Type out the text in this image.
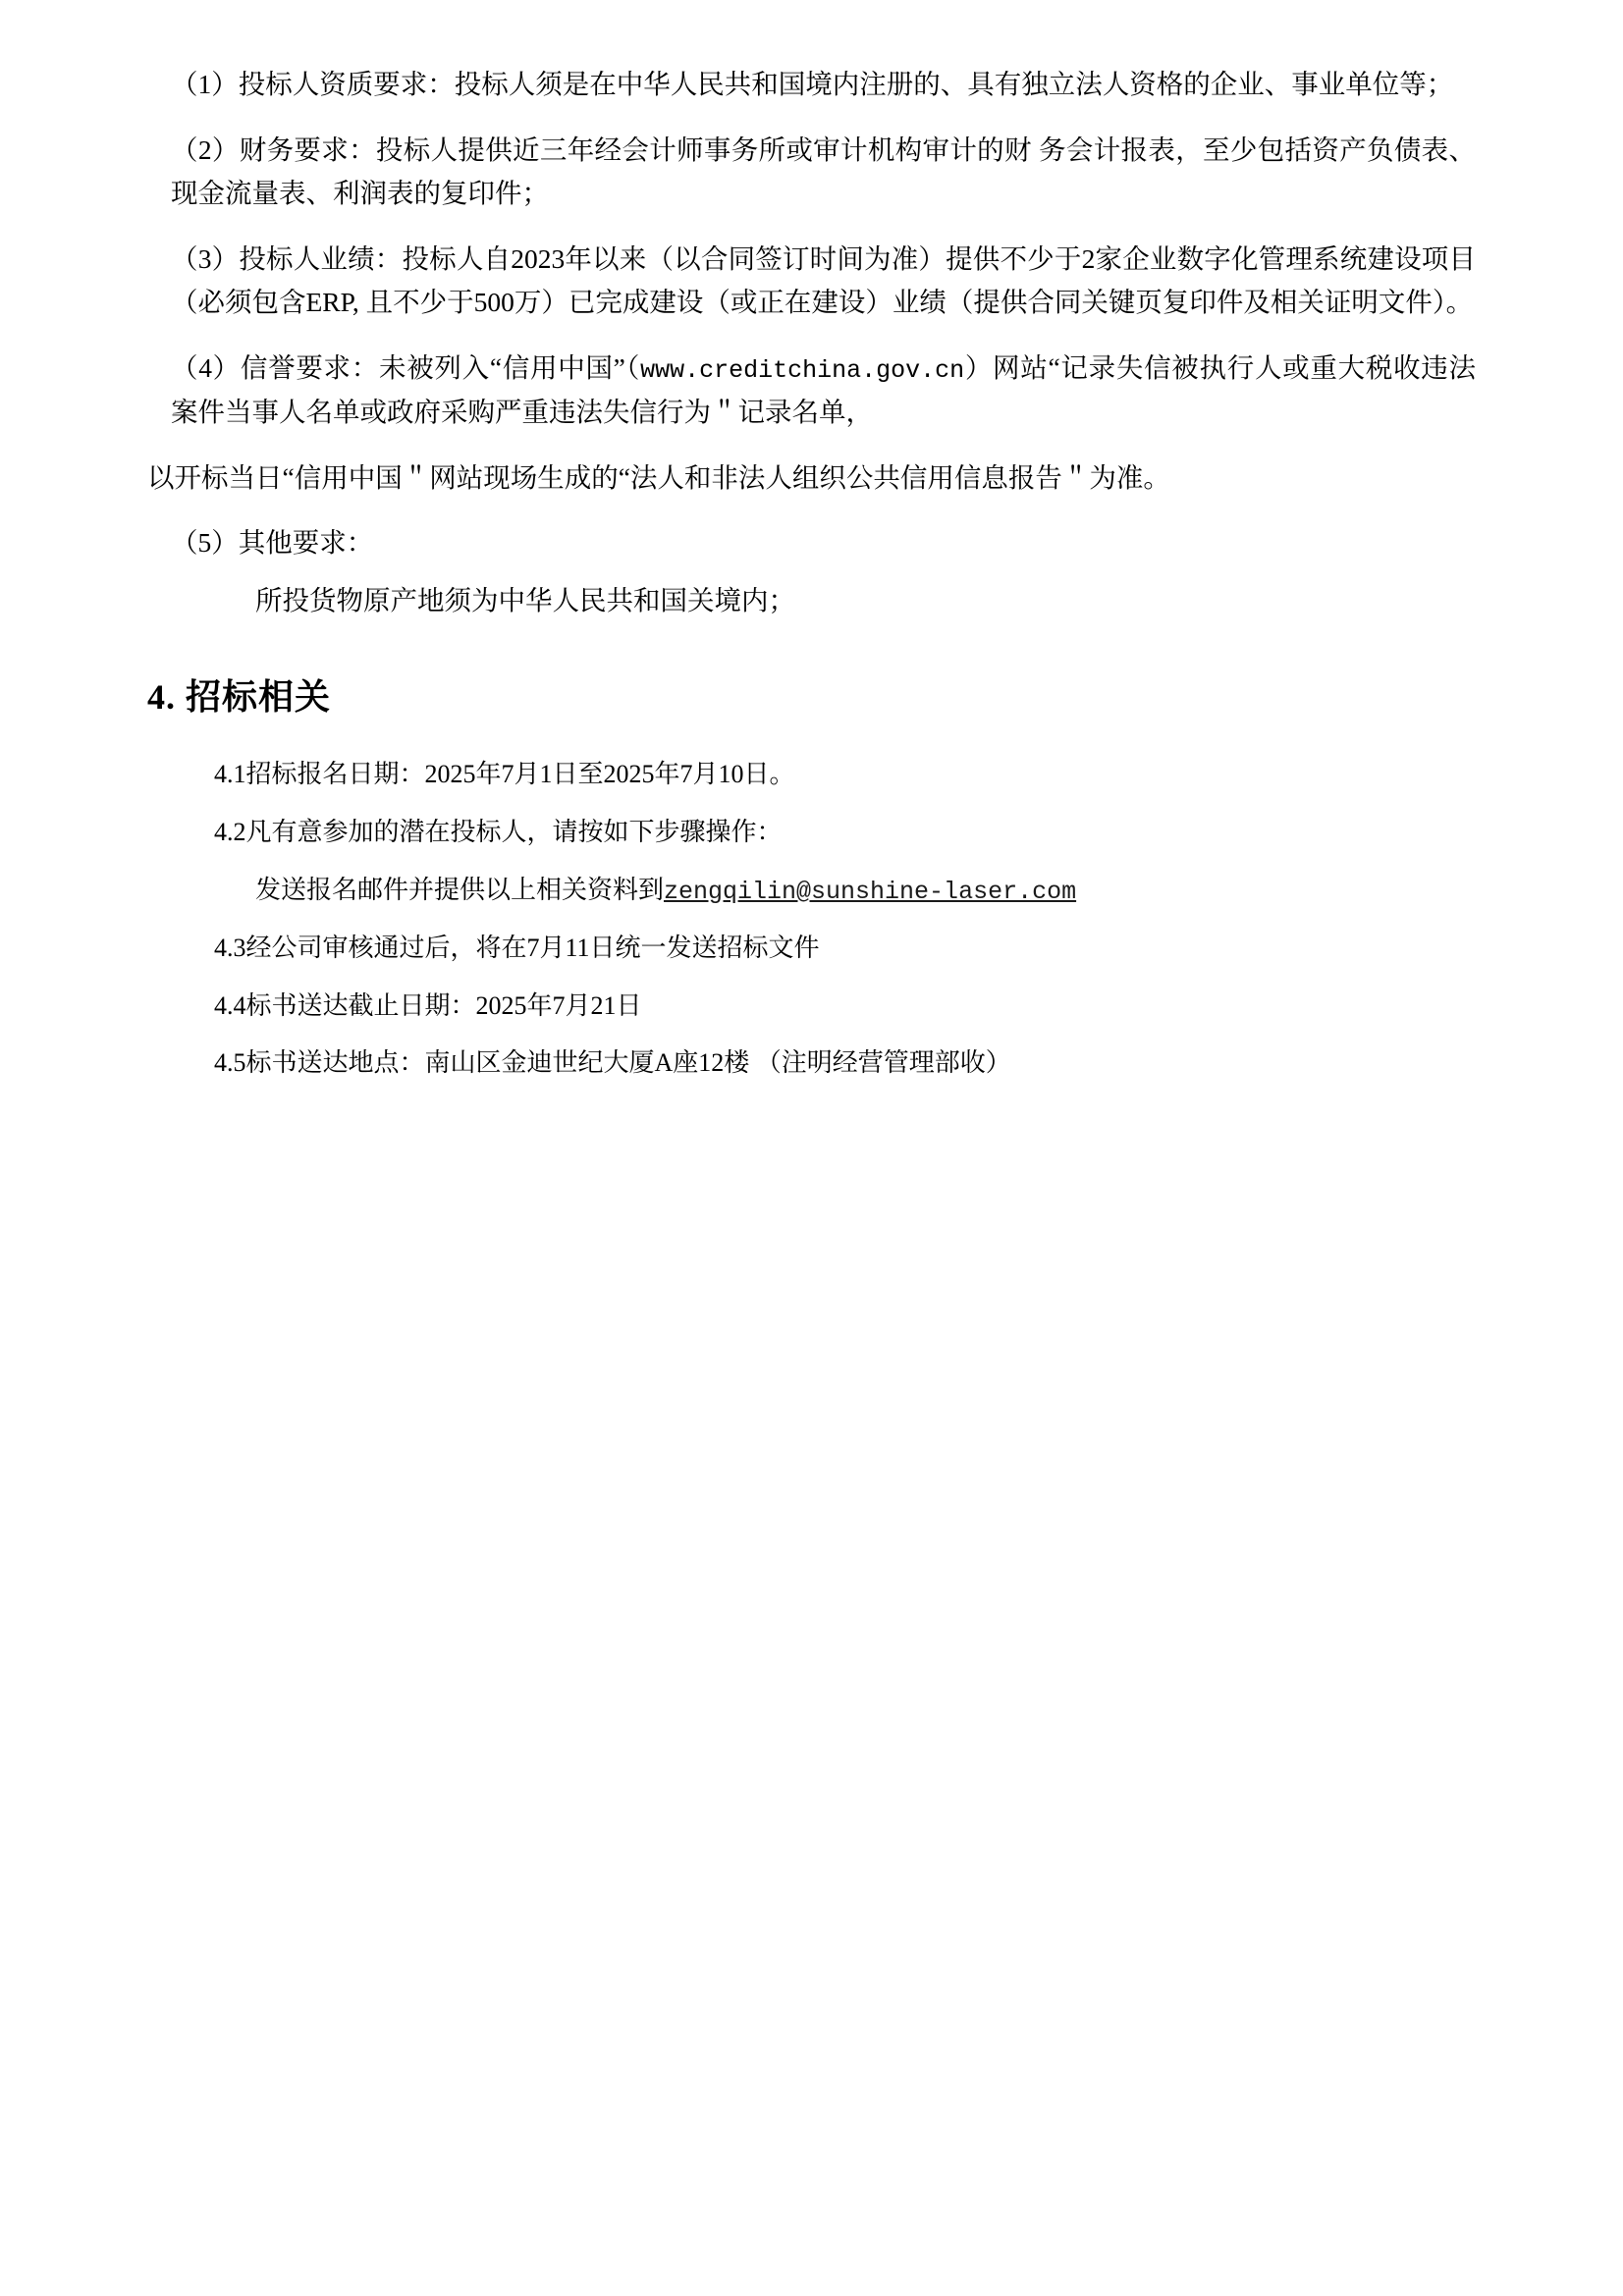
（1）投标人资质要求：投标人须是在中华人民共和国境内注册的、具有独立法人资格的企业、事业单位等；

（2）财务要求：投标人提供近三年经会计师事务所或审计机构审计的财 务会计报表，至少包括资产负债表、现金流量表、利润表的复印件；

（3）投标人业绩：投标人自2023年以来（以合同签订时间为准）提供不少于2家企业数字化管理系统建设项目（必须包含ERP, 且不少于500万）已完成建设（或正在建设）业绩（提供合同关键页复印件及相关证明文件）。

（4）信誉要求：未被列入“信用中国”（www.creditchina.gov.cn）网站“记录失信被执行人或重大税收违法案件当事人名单或政府采购严重违法失信行为＂记录名单，

以开标当日“信用中国＂网站现场生成的“法人和非法人组织公共信用信息报告＂为准。

（5）其他要求：

所投货物原产地须为中华人民共和国关境内；

4. 招标相关

4.1招标报名日期：2025年7月1日至2025年7月10日。

4.2凡有意参加的潜在投标人，请按如下步骤操作：

发送报名邮件并提供以上相关资料到zengqilin@sunshine-laser.com

4.3经公司审核通过后，将在7月11日统一发送招标文件

4.4标书送达截止日期：2025年7月21日

4.5标书送达地点：南山区金迪世纪大厦A座12楼 （注明经营管理部收）
